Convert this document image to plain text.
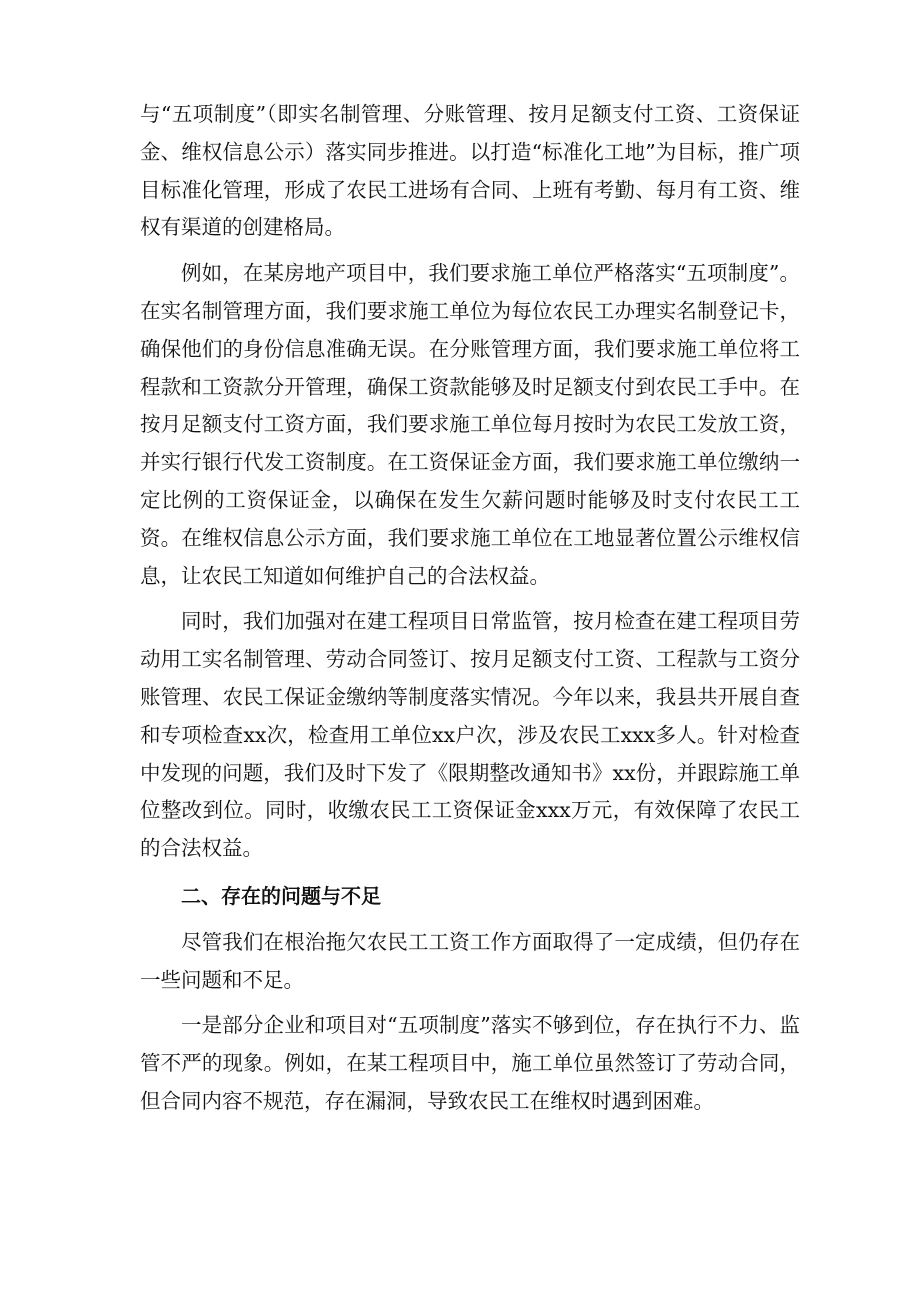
与“五项制度”（即实名制管理、分账管理、按月足额支付工资、工资保证金、维权信息公示）落实同步推进。以打造“标准化工地”为目标，推广项目标准化管理，形成了农民工进场有合同、上班有考勤、每月有工资、维权有渠道的创建格局。

例如，在某房地产项目中，我们要求施工单位严格落实“五项制度”。在实名制管理方面，我们要求施工单位为每位农民工办理实名制登记卡，确保他们的身份信息准确无误。在分账管理方面，我们要求施工单位将工程款和工资款分开管理，确保工资款能够及时足额支付到农民工手中。在按月足额支付工资方面，我们要求施工单位每月按时为农民工发放工资，并实行银行代发工资制度。在工资保证金方面，我们要求施工单位缴纳一定比例的工资保证金，以确保在发生欠薪问题时能够及时支付农民工工资。在维权信息公示方面，我们要求施工单位在工地显著位置公示维权信息，让农民工知道如何维护自己的合法权益。

同时，我们加强对在建工程项目日常监管，按月检查在建工程项目劳动用工实名制管理、劳动合同签订、按月足额支付工资、工程款与工资分账管理、农民工保证金缴纳等制度落实情况。今年以来，我县共开展自查和专项检查xx次，检查用工单位xx户次，涉及农民工xxx多人。针对检查中发现的问题，我们及时下发了《限期整改通知书》xx份，并跟踪施工单位整改到位。同时，收缴农民工工资保证金xxx万元，有效保障了农民工的合法权益。

二、存在的问题与不足

尽管我们在根治拖欠农民工工资工作方面取得了一定成绩，但仍存在一些问题和不足。

一是部分企业和项目对“五项制度”落实不够到位，存在执行不力、监管不严的现象。例如，在某工程项目中，施工单位虽然签订了劳动合同，但合同内容不规范，存在漏洞，导致农民工在维权时遇到困难。
